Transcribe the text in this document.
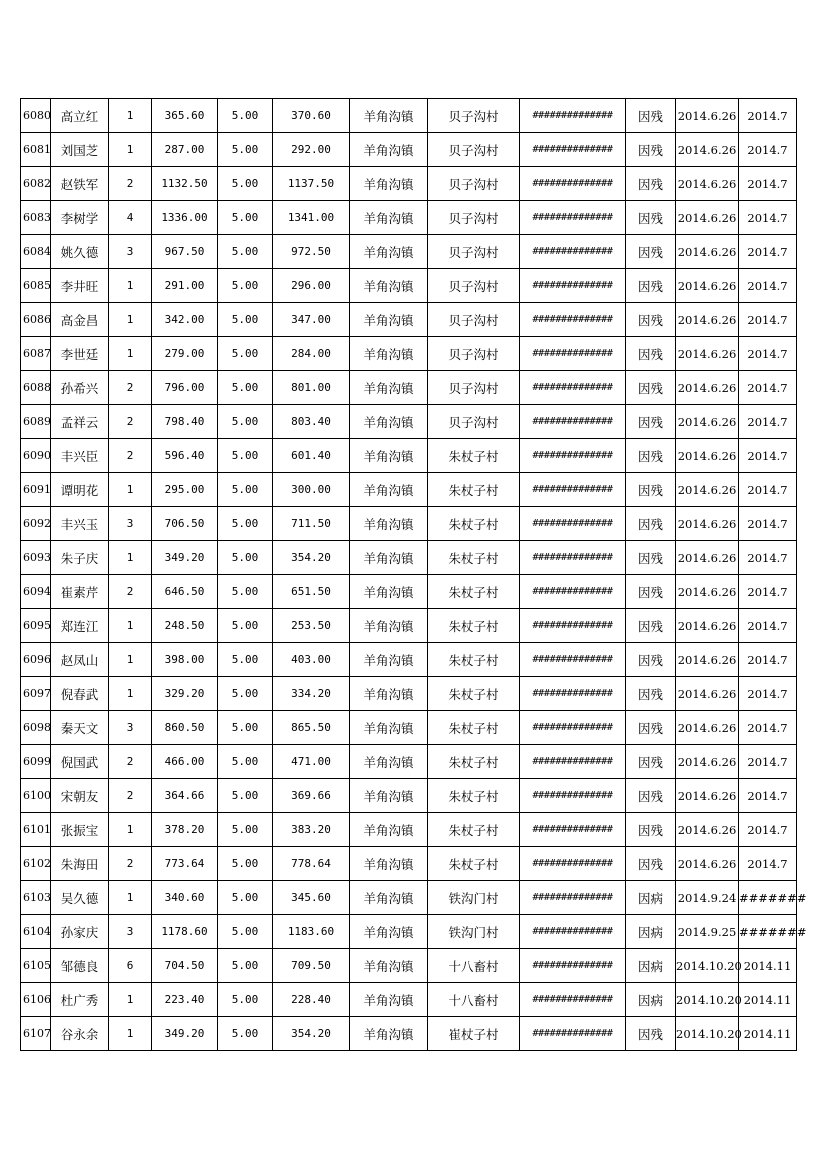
6080	高立红	1	365.60	5.00	370.60	羊角沟镇	贝子沟村	##############	因残	2014.6.26	2014.7
6081	刘国芝	1	287.00	5.00	292.00	羊角沟镇	贝子沟村	##############	因残	2014.6.26	2014.7
6082	赵铁军	2	1132.50	5.00	1137.50	羊角沟镇	贝子沟村	##############	因残	2014.6.26	2014.7
6083	李树学	4	1336.00	5.00	1341.00	羊角沟镇	贝子沟村	##############	因残	2014.6.26	2014.7
6084	姚久德	3	967.50	5.00	972.50	羊角沟镇	贝子沟村	##############	因残	2014.6.26	2014.7
6085	李井旺	1	291.00	5.00	296.00	羊角沟镇	贝子沟村	##############	因残	2014.6.26	2014.7
6086	高金昌	1	342.00	5.00	347.00	羊角沟镇	贝子沟村	##############	因残	2014.6.26	2014.7
6087	李世廷	1	279.00	5.00	284.00	羊角沟镇	贝子沟村	##############	因残	2014.6.26	2014.7
6088	孙希兴	2	796.00	5.00	801.00	羊角沟镇	贝子沟村	##############	因残	2014.6.26	2014.7
6089	孟祥云	2	798.40	5.00	803.40	羊角沟镇	贝子沟村	##############	因残	2014.6.26	2014.7
6090	丰兴臣	2	596.40	5.00	601.40	羊角沟镇	朱杖子村	##############	因残	2014.6.26	2014.7
6091	谭明花	1	295.00	5.00	300.00	羊角沟镇	朱杖子村	##############	因残	2014.6.26	2014.7
6092	丰兴玉	3	706.50	5.00	711.50	羊角沟镇	朱杖子村	##############	因残	2014.6.26	2014.7
6093	朱子庆	1	349.20	5.00	354.20	羊角沟镇	朱杖子村	##############	因残	2014.6.26	2014.7
6094	崔素芹	2	646.50	5.00	651.50	羊角沟镇	朱杖子村	##############	因残	2014.6.26	2014.7
6095	郑连江	1	248.50	5.00	253.50	羊角沟镇	朱杖子村	##############	因残	2014.6.26	2014.7
6096	赵凤山	1	398.00	5.00	403.00	羊角沟镇	朱杖子村	##############	因残	2014.6.26	2014.7
6097	倪春武	1	329.20	5.00	334.20	羊角沟镇	朱杖子村	##############	因残	2014.6.26	2014.7
6098	秦天文	3	860.50	5.00	865.50	羊角沟镇	朱杖子村	##############	因残	2014.6.26	2014.7
6099	倪国武	2	466.00	5.00	471.00	羊角沟镇	朱杖子村	##############	因残	2014.6.26	2014.7
6100	宋朝友	2	364.66	5.00	369.66	羊角沟镇	朱杖子村	##############	因残	2014.6.26	2014.7
6101	张振宝	1	378.20	5.00	383.20	羊角沟镇	朱杖子村	##############	因残	2014.6.26	2014.7
6102	朱海田	2	773.64	5.00	778.64	羊角沟镇	朱杖子村	##############	因残	2014.6.26	2014.7
6103	吴久德	1	340.60	5.00	345.60	羊角沟镇	铁沟门村	##############	因病	2014.9.24	#######
6104	孙家庆	3	1178.60	5.00	1183.60	羊角沟镇	铁沟门村	##############	因病	2014.9.25	#######
6105	邹德良	6	704.50	5.00	709.50	羊角沟镇	十八畜村	##############	因病	2014.10.20	2014.11
6106	杜广秀	1	223.40	5.00	228.40	羊角沟镇	十八畜村	##############	因病	2014.10.20	2014.11
6107	谷永余	1	349.20	5.00	354.20	羊角沟镇	崔杖子村	##############	因残	2014.10.20	2014.11
